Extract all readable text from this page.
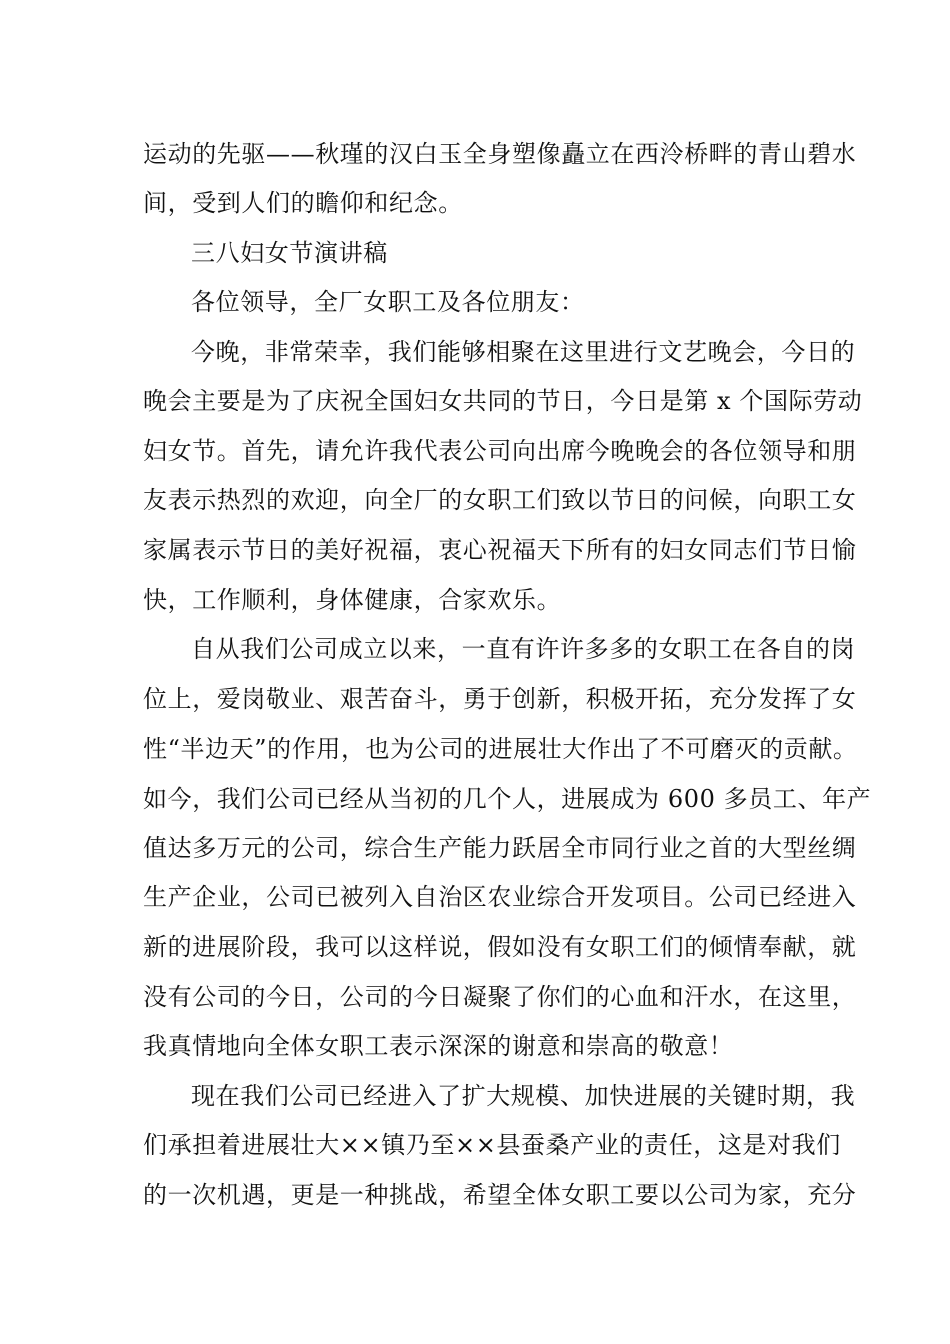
运动的先驱——秋瑾的汉白玉全身塑像矗立在西泠桥畔的青山碧水

间，受到人们的瞻仰和纪念。

三八妇女节演讲稿

各位领导，全厂女职工及各位朋友：

今晚，非常荣幸，我们能够相聚在这里进行文艺晚会，今日的

晚会主要是为了庆祝全国妇女共同的节日，今日是第 x 个国际劳动

妇女节。首先，请允许我代表公司向出席今晚晚会的各位领导和朋

友表示热烈的欢迎，向全厂的女职工们致以节日的问候，向职工女

家属表示节日的美好祝福，衷心祝福天下所有的妇女同志们节日愉

快，工作顺利，身体健康，合家欢乐。

自从我们公司成立以来，一直有许许多多的女职工在各自的岗

位上，爱岗敬业、艰苦奋斗，勇于创新，积极开拓，充分发挥了女

性“半边天”的作用，也为公司的进展壮大作出了不可磨灭的贡献。

如今，我们公司已经从当初的几个人，进展成为 600 多员工、年产

值达多万元的公司，综合生产能力跃居全市同行业之首的大型丝绸

生产企业，公司已被列入自治区农业综合开发项目。公司已经进入

新的进展阶段，我可以这样说，假如没有女职工们的倾情奉献，就

没有公司的今日，公司的今日凝聚了你们的心血和汗水，在这里，

我真情地向全体女职工表示深深的谢意和崇高的敬意！

现在我们公司已经进入了扩大规模、加快进展的关键时期，我

们承担着进展壮大××镇乃至××县蚕桑产业的责任，这是对我们

的一次机遇，更是一种挑战，希望全体女职工要以公司为家，充分
